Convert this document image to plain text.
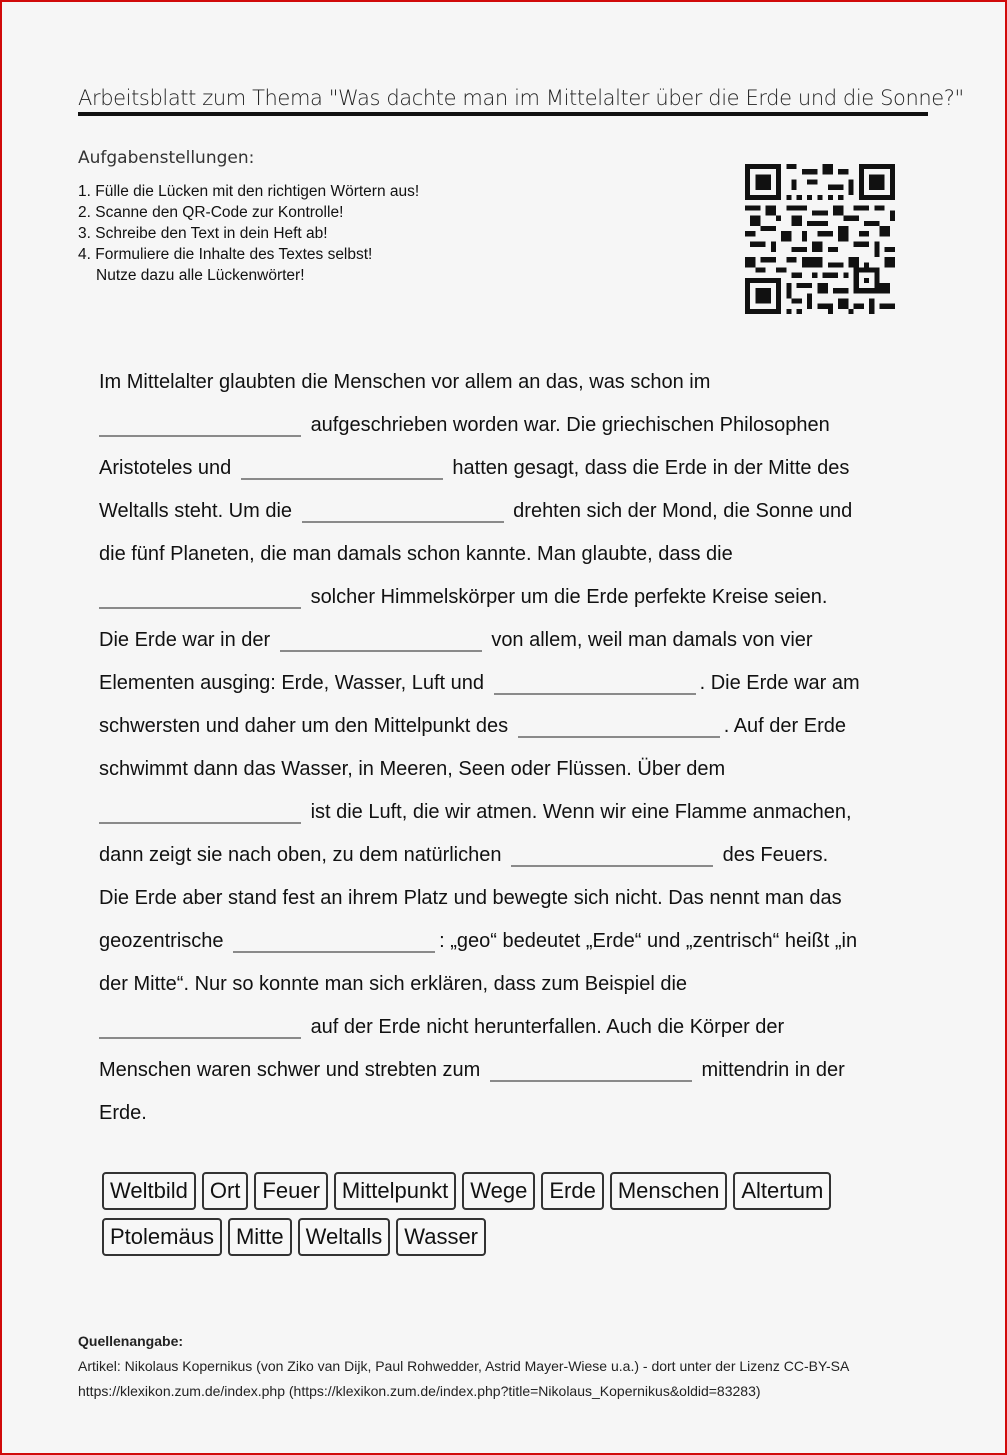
Arbeitsblatt zum Thema "Was dachte man im Mittelalter über die Erde und die Sonne?"
Aufgabenstellungen:
1. Fülle die Lücken mit den richtigen Wörtern aus!
2. Scanne den QR-Code zur Kontrolle!
3. Schreibe den Text in dein Heft ab!
4. Formuliere die Inhalte des Textes selbst!
Nutze dazu alle Lückenwörter!
Im Mittelalter glaubten die Menschen vor allem an das, was schon im
aufgeschrieben worden war. Die griechischen Philosophen
Aristoteles und	hatten gesagt, dass die Erde in der Mitte des
Weltalls steht. Um die	drehten sich der Mond, die Sonne und
die fünf Planeten, die man damals schon kannte. Man glaubte, dass die
solcher Himmelskörper um die Erde perfekte Kreise seien.
Die Erde war in der	von allem, weil man damals von vier
Elementen ausging: Erde, Wasser, Luft und	. Die Erde war am
schwersten und daher um den Mittelpunkt des	. Auf der Erde
schwimmt dann das Wasser, in Meeren, Seen oder Flüssen. Über dem
ist die Luft, die wir atmen. Wenn wir eine Flamme anmachen,
dann zeigt sie nach oben, zu dem natürlichen	des Feuers.
Die Erde aber stand fest an ihrem Platz und bewegte sich nicht. Das nennt man das
geozentrische	: „geo“ bedeutet „Erde“ und „zentrisch“ heißt „in
der Mitte“. Nur so konnte man sich erklären, dass zum Beispiel die
auf der Erde nicht herunterfallen. Auch die Körper der
Menschen waren schwer und strebten zum	mittendrin in der
Erde.
Weltbild	Ort	Feuer	Mittelpunkt	Wege	Erde	Menschen	Altertum
Ptolemäus	Mitte	Weltalls	Wasser
Quellenangabe:
Artikel: Nikolaus Kopernikus (von Ziko van Dijk, Paul Rohwedder, Astrid Mayer-Wiese u.a.) - dort unter der Lizenz CC-BY-SA
https://klexikon.zum.de/index.php (https://klexikon.zum.de/index.php?title=Nikolaus_Kopernikus&oldid=83283)
